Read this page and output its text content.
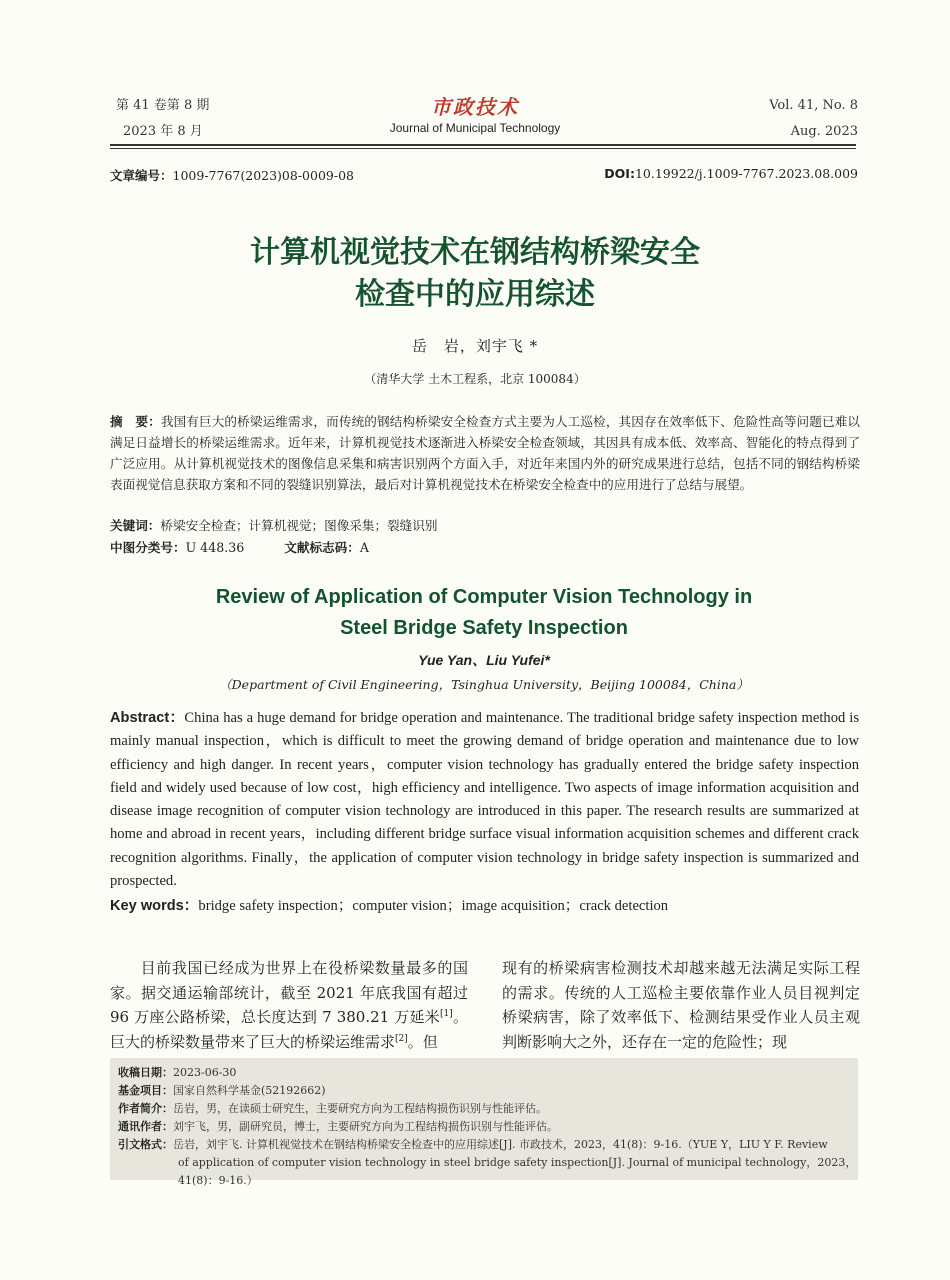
第 41 卷第 8 期
2023 年 8 月
市政技术
Journal of Municipal Technology
Vol. 41, No. 8
Aug. 2023
文章编号：1009-7767(2023)08-0009-08	DOI:10.19922/j.1009-7767.2023.08.009
计算机视觉技术在钢结构桥梁安全
检查中的应用综述
岳　岩，刘宇飞 *
（清华大学 土木工程系，北京 100084）
摘　要：我国有巨大的桥梁运维需求，而传统的钢结构桥梁安全检查方式主要为人工巡检，其因存在效率低下、危险性高等问题已难以满足日益增长的桥梁运维需求。近年来，计算机视觉技术逐渐进入桥梁安全检查领域，其因具有成本低、效率高、智能化的特点得到了广泛应用。从计算机视觉技术的图像信息采集和病害识别两个方面入手，对近年来国内外的研究成果进行总结，包括不同的钢结构桥梁表面视觉信息获取方案和不同的裂缝识别算法，最后对计算机视觉技术在桥梁安全检查中的应用进行了总结与展望。
关键词：桥梁安全检查；计算机视觉；图像采集；裂缝识别
中图分类号：U 448.36	文献标志码：A
Review of Application of Computer Vision Technology in
Steel Bridge Safety Inspection
Yue Yan、Liu Yufei*
（Department of Civil Engineering，Tsinghua University，Beijing 100084，China）
Abstract：China has a huge demand for bridge operation and maintenance. The traditional bridge safety inspection method is mainly manual inspection，which is difficult to meet the growing demand of bridge operation and maintenance due to low efficiency and high danger. In recent years，computer vision technology has gradually entered the bridge safety inspection field and widely used because of low cost，high efficiency and intelligence. Two aspects of image information acquisition and disease image recognition of computer vision technology are introduced in this paper. The research results are summarized at home and abroad in recent years，including different bridge surface visual information acquisition schemes and different crack recognition algorithms. Finally，the application of computer vision technology in bridge safety inspection is summarized and prospected.
Key words：bridge safety inspection；computer vision；image acquisition；crack detection
目前我国已经成为世界上在役桥梁数量最多的国家。据交通运输部统计，截至 2021 年底我国有超过 96 万座公路桥梁，总长度达到 7 380.21 万延米[1]。巨大的桥梁数量带来了巨大的桥梁运维需求[2]。但
现有的桥梁病害检测技术却越来越无法满足实际工程的需求。传统的人工巡检主要依靠作业人员目视判定桥梁病害，除了效率低下、检测结果受作业人员主观判断影响大之外，还存在一定的危险性；现
收稿日期：2023-06-30
基金项目：国家自然科学基金(52192662)
作者简介：岳岩，男，在读硕士研究生，主要研究方向为工程结构损伤识别与性能评估。
通讯作者：刘宇飞，男，副研究员，博士，主要研究方向为工程结构损伤识别与性能评估。
引文格式：岳岩，刘宇飞. 计算机视觉技术在钢结构桥梁安全检查中的应用综述[J]. 市政技术，2023，41(8)：9-16.（YUE Y，LIU Y F. Review
of application of computer vision technology in steel bridge safety inspection[J]. Journal of municipal technology，2023，41(8)：9-16.）
